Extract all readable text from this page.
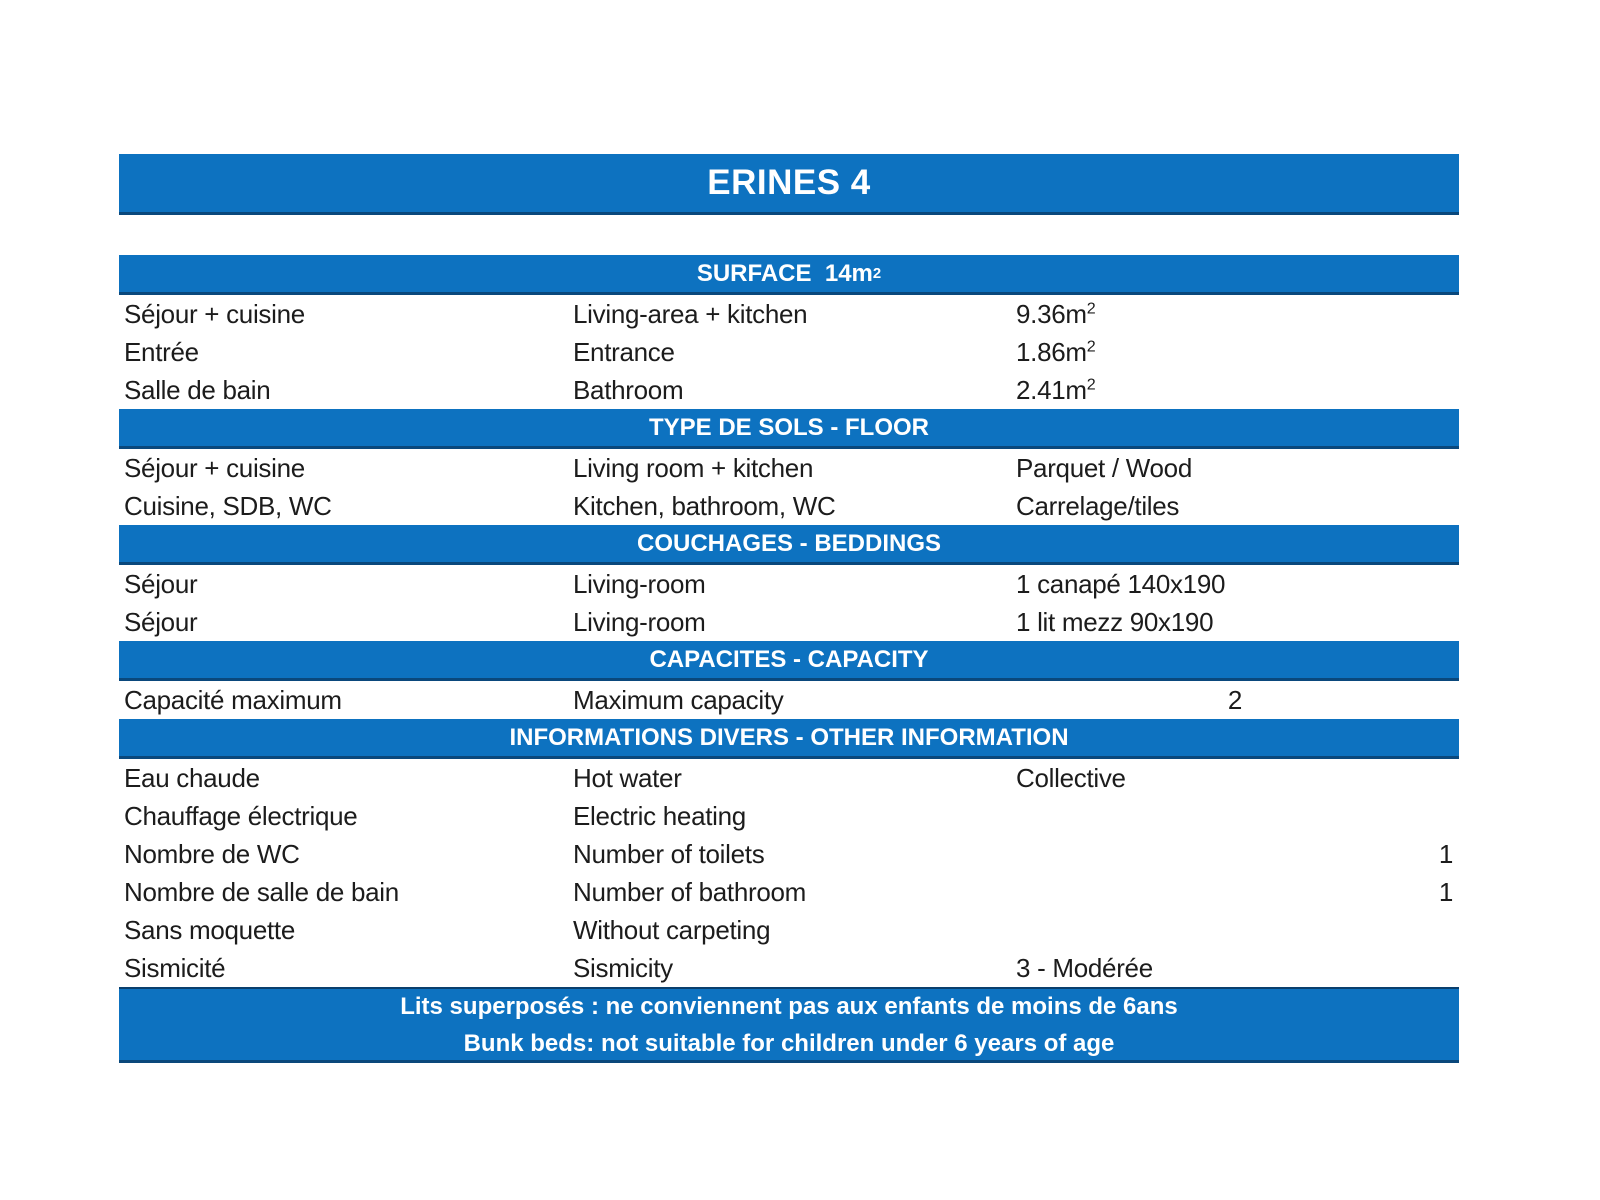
ERINES 4
SURFACE  14m 2
Séjour + cuisine	Living-area + kitchen	$9.36m^2$
Entrée	Entrance	$1.86m^2$
Salle de bain	Bathroom	$2.41m^2$
TYPE DE SOLS - FLOOR
Séjour + cuisine	Living room + kitchen	Parquet / Wood
Cuisine, SDB, WC	Kitchen, bathroom, WC	Carrelage/tiles
COUCHAGES - BEDDINGS
Séjour	Living-room	1 canapé 140x190
Séjour	Living-room	1 lit mezz 90x190
CAPACITES - CAPACITY
Capacité maximum	Maximum capacity	2
INFORMATIONS DIVERS - OTHER INFORMATION
Eau chaude	Hot water	Collective
Chauffage électrique	Electric heating
Nombre de WC	Number of toilets	1
Nombre de salle de bain	Number of bathroom	1
Sans moquette	Without carpeting
Sismicité	Sismicity	3 - Modérée
Lits superposés : ne conviennent pas aux enfants de moins de 6ans
Bunk beds: not suitable for children under 6 years of age
